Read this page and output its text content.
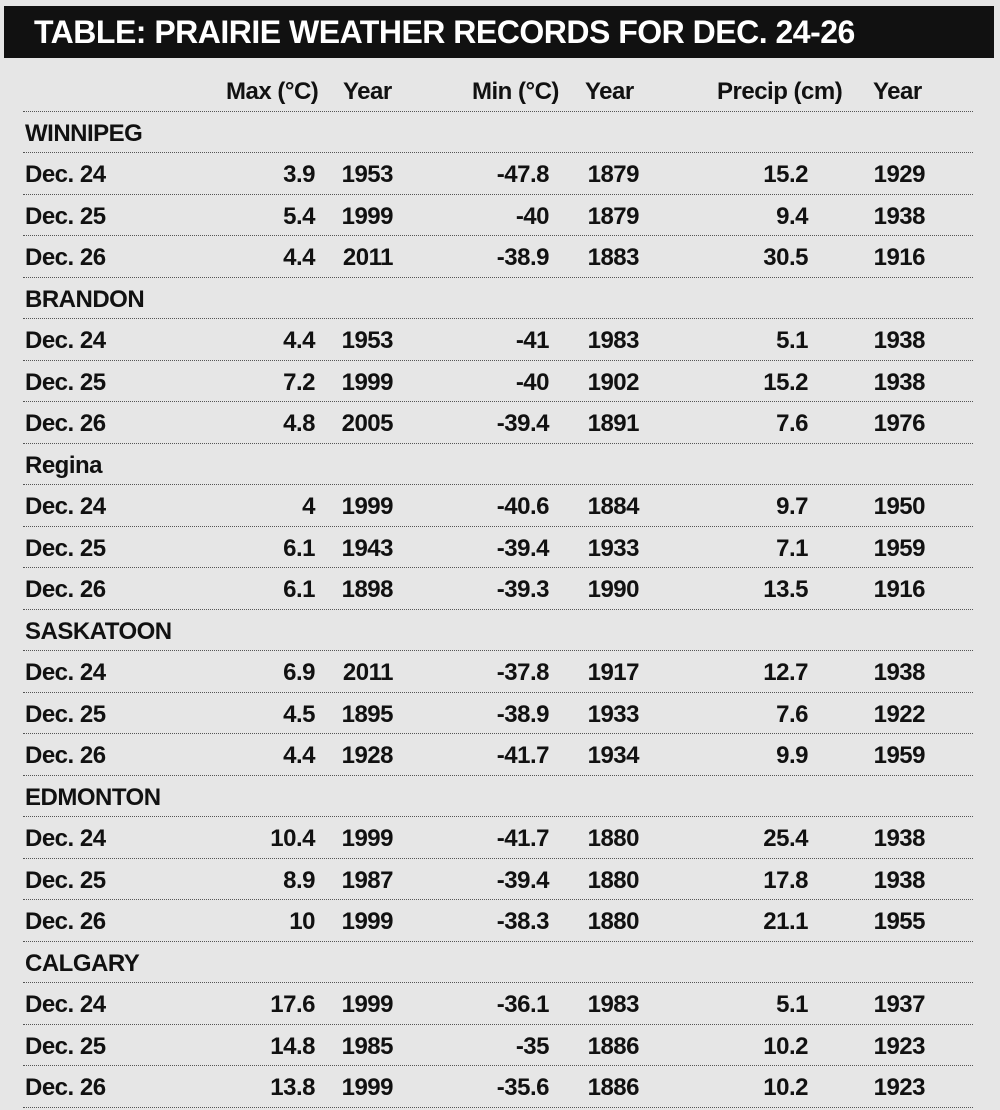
TABLE: PRAIRIE WEATHER RECORDS FOR DEC. 24-26
Max (°C) Year	Min (°C) Year	Precip (cm) Year
WINNIPEG
Dec. 24	3.9 1953	-47.8 1879	15.2	1929
Dec. 25	5.4 1999	-40 1879	9.4	1938
Dec. 26	4.4 2011	-38.9 1883	30.5	1916
BRANDON
Dec. 24	4.4 1953	-41 1983	5.1	1938
Dec. 25	7.2 1999	-40 1902	15.2	1938
Dec. 26	4.8 2005	-39.4 1891	7.6	1976
Regina
Dec. 24	4 1999	-40.6 1884	9.7	1950
Dec. 25	6.1 1943	-39.4 1933	7.1	1959
Dec. 26	6.1 1898	-39.3 1990	13.5	1916
SASKATOON
Dec. 24	6.9 2011	-37.8 1917	12.7	1938
Dec. 25	4.5 1895	-38.9 1933	7.6	1922
Dec. 26	4.4 1928	-41.7 1934	9.9	1959
EDMONTON
Dec. 24	10.4 1999	-41.7 1880	25.4	1938
Dec. 25	8.9 1987	-39.4 1880	17.8	1938
Dec. 26	10 1999	-38.3 1880	21.1	1955
CALGARY
Dec. 24	17.6 1999	-36.1 1983	5.1	1937
Dec. 25	14.8 1985	-35 1886	10.2	1923
Dec. 26	13.8 1999	-35.6 1886	10.2	1923
